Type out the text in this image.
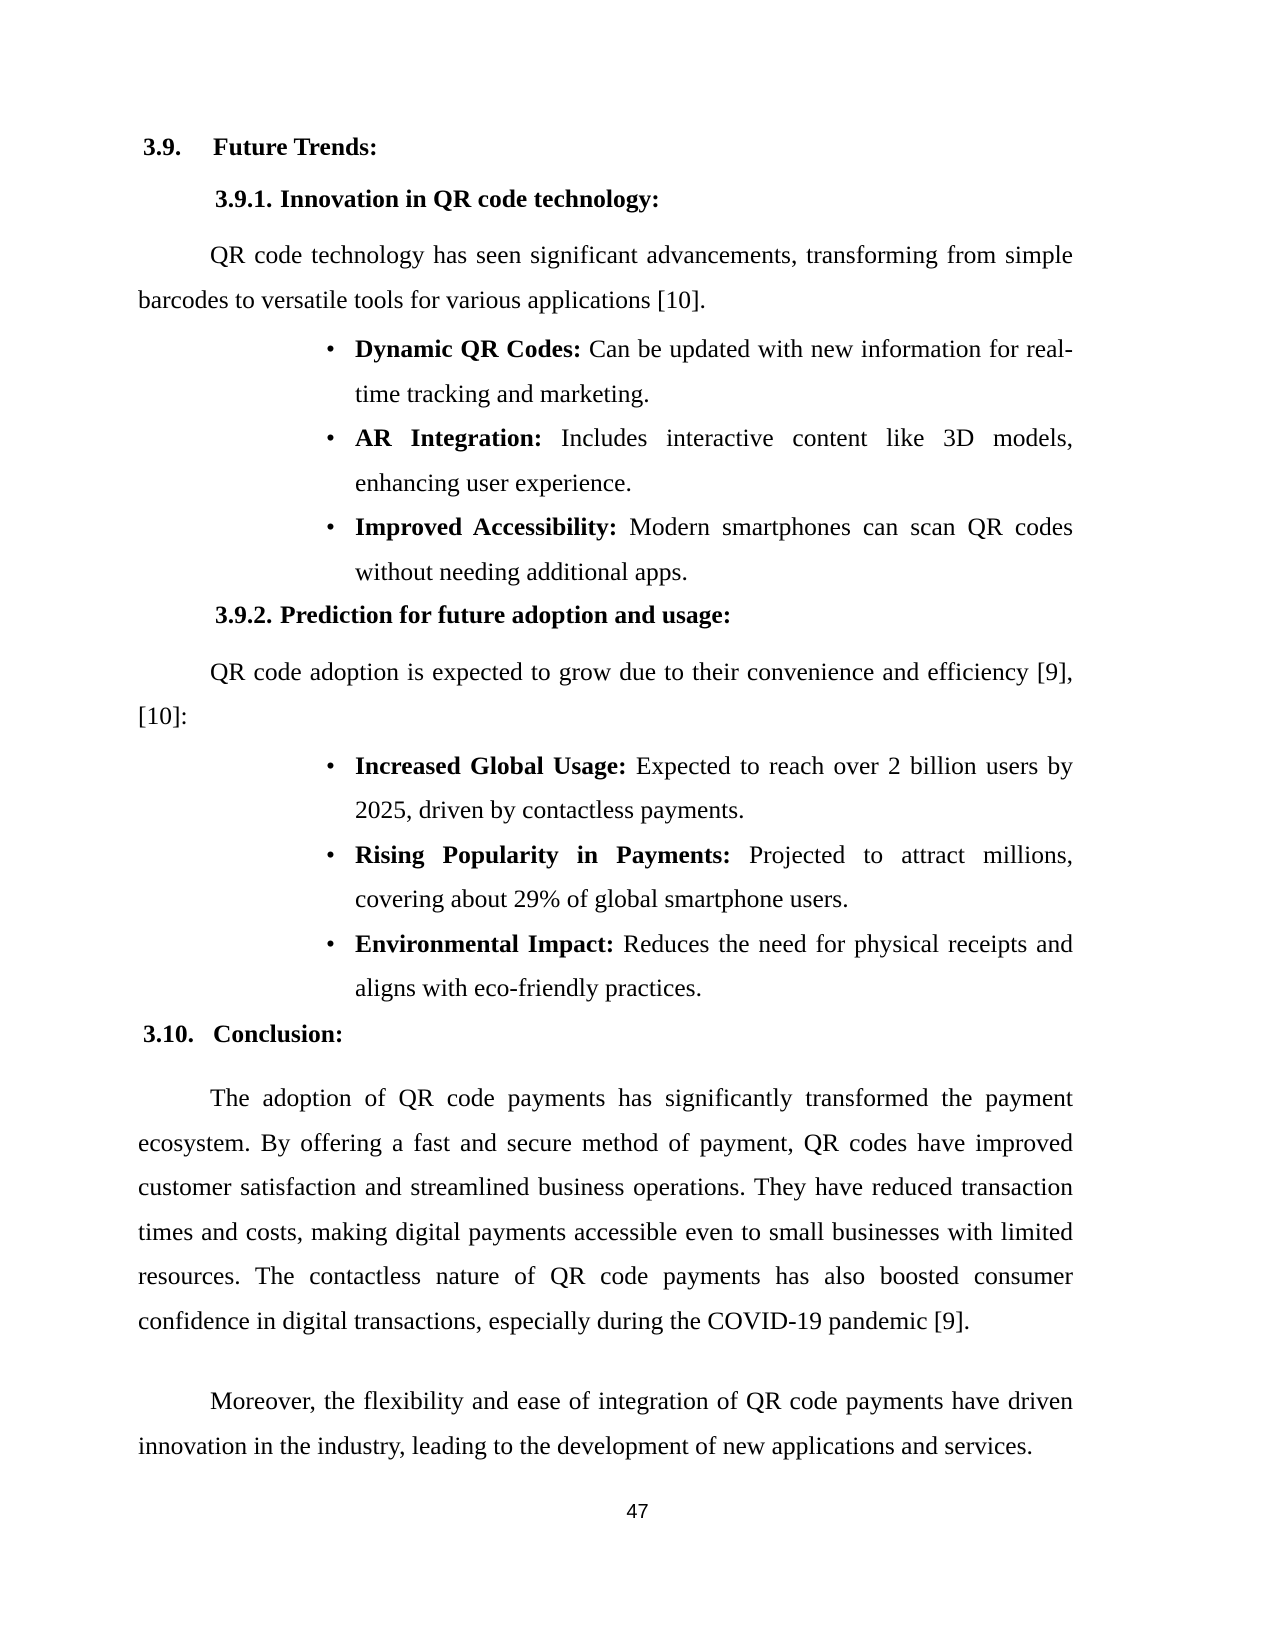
3.9.	Future Trends:
3.9.1. Innovation in QR code technology:

QR code technology has seen significant advancements, transforming from simple barcodes to versatile tools for various applications [10].

• Dynamic QR Codes: Can be updated with new information for real-time tracking and marketing.
• AR Integration: Includes interactive content like 3D models, enhancing user experience.
• Improved Accessibility: Modern smartphones can scan QR codes without needing additional apps.
3.9.2. Prediction for future adoption and usage:

QR code adoption is expected to grow due to their convenience and efficiency [9], [10]:

• Increased Global Usage: Expected to reach over 2 billion users by 2025, driven by contactless payments.
• Rising Popularity in Payments: Projected to attract millions, covering about 29% of global smartphone users.
• Environmental Impact: Reduces the need for physical receipts and aligns with eco-friendly practices.
3.10. Conclusion:

The adoption of QR code payments has significantly transformed the payment ecosystem. By offering a fast and secure method of payment, QR codes have improved customer satisfaction and streamlined business operations. They have reduced transaction times and costs, making digital payments accessible even to small businesses with limited resources. The contactless nature of QR code payments has also boosted consumer confidence in digital transactions, especially during the COVID-19 pandemic [9].

Moreover, the flexibility and ease of integration of QR code payments have driven innovation in the industry, leading to the development of new applications and services.

47
